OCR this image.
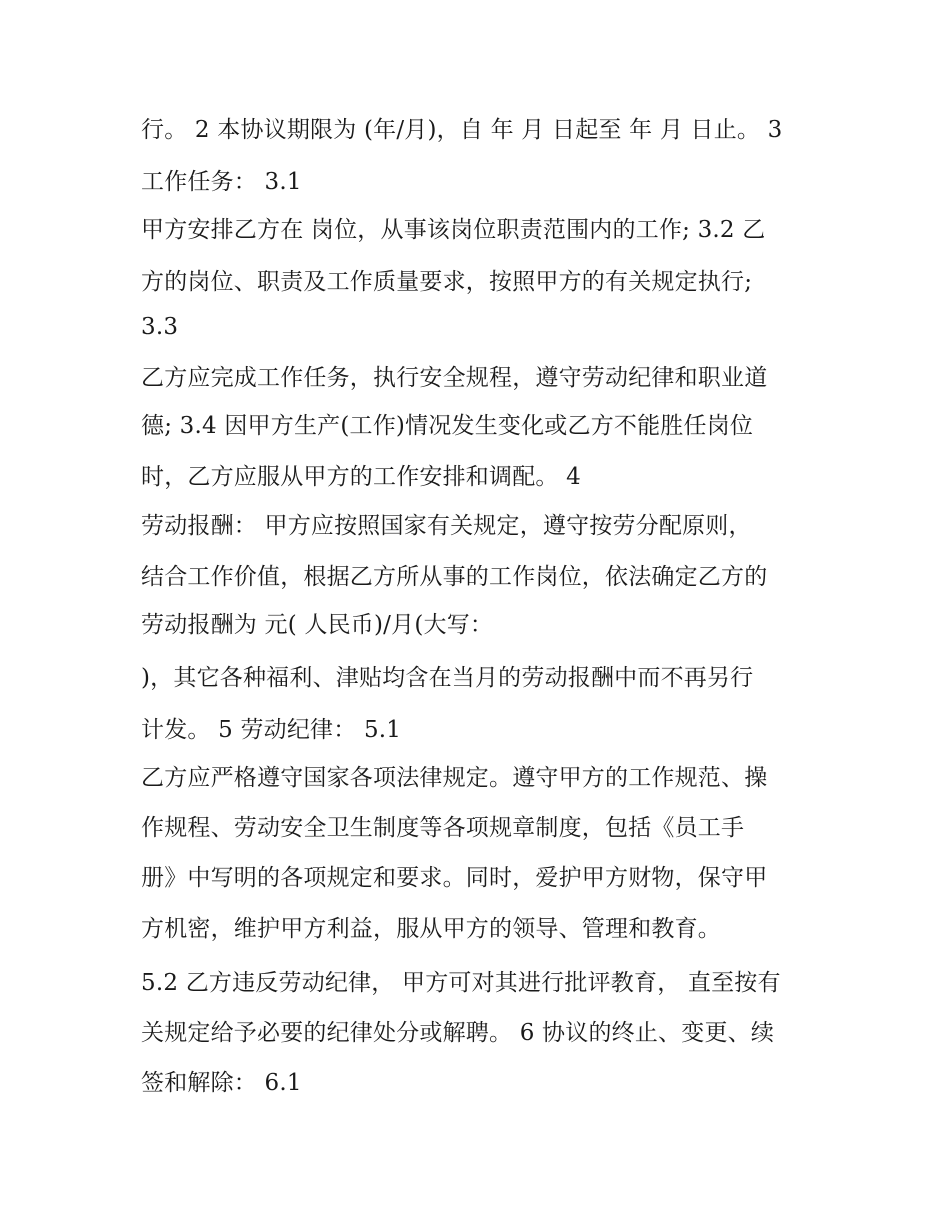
行。 2 本协议期限为 (年/月)，自 年 月 日起至 年 月 日止。 3
工作任务： 3.1
甲方安排乙方在 岗位，从事该岗位职责范围内的工作; 3.2 乙
方的岗位、职责及工作质量要求，按照甲方的有关规定执行;
3.3
乙方应完成工作任务，执行安全规程，遵守劳动纪律和职业道
德; 3.4 因甲方生产(工作)情况发生变化或乙方不能胜任岗位
时，乙方应服从甲方的工作安排和调配。 4
劳动报酬： 甲方应按照国家有关规定，遵守按劳分配原则，
结合工作价值，根据乙方所从事的工作岗位，依法确定乙方的
劳动报酬为 元( 人民币)/月(大写：
)，其它各种福利、津贴均含在当月的劳动报酬中而不再另行
计发。 5 劳动纪律： 5.1
乙方应严格遵守国家各项法律规定。遵守甲方的工作规范、操
作规程、劳动安全卫生制度等各项规章制度，包括《员工手
册》中写明的各项规定和要求。同时，爱护甲方财物，保守甲
方机密，维护甲方利益，服从甲方的领导、管理和教育。
5.2 乙方违反劳动纪律， 甲方可对其进行批评教育， 直至按有
关规定给予必要的纪律处分或解聘。 6 协议的终止、变更、续
签和解除： 6.1
